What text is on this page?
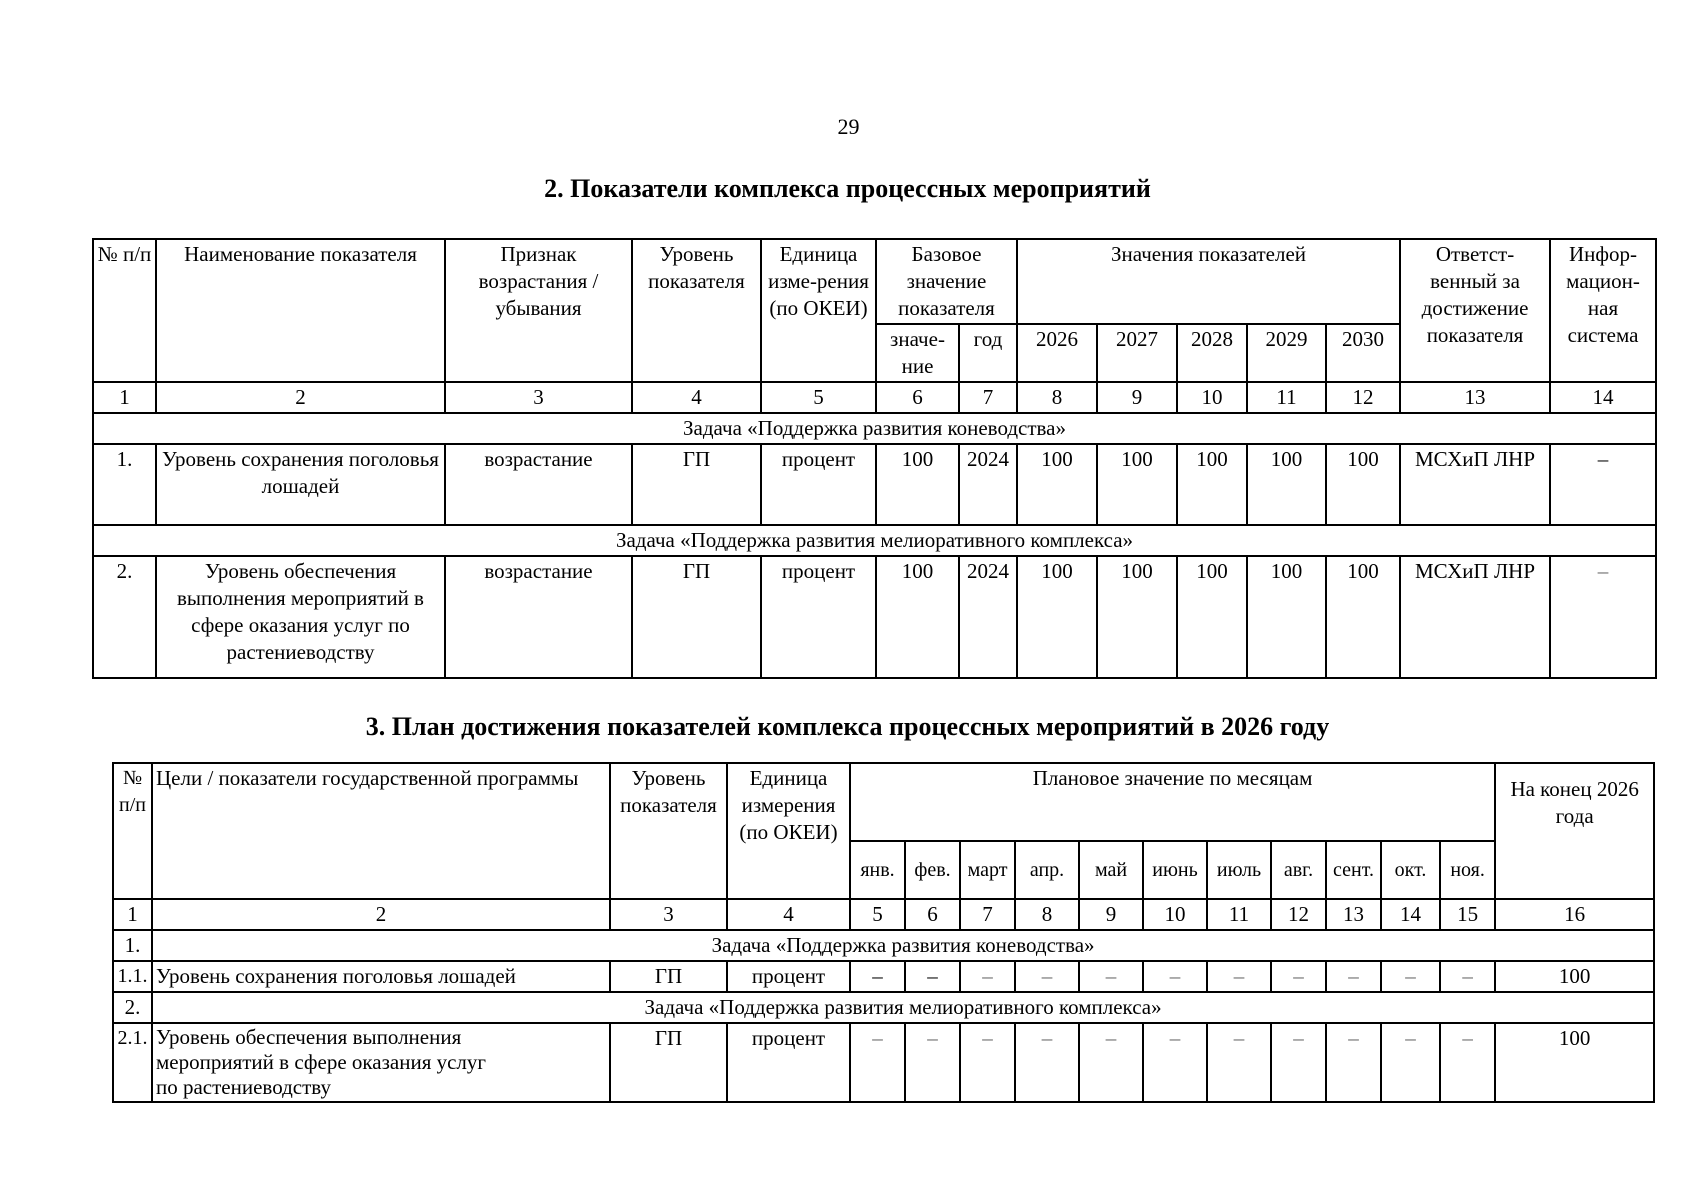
29
2. Показатели комплекса процессных мероприятий
№ п/п	Наименование показателя	Признак возрастания / убывания	Уровень показателя	Единица изме-рения (по ОКЕИ)	Базовое значение показателя		Значения показателей					Ответст-венный за достижение показателя	Инфор-мацион-ная система
					значе-ние	год	2026	2027	2028	2029	2030		
1	2	3	4	5	6	7	8	9	10	11	12	13	14
Задача «Поддержка развития коневодства»													
1.	Уровень сохранения поголовья лошадей	возрастание	ГП	процент	100	2024	100	100	100	100	100	МСХиП ЛНР	–
Задача «Поддержка развития мелиоративного комплекса»													
2.	Уровень обеспечения выполнения мероприятий в сфере оказания услуг по растениеводству	возрастание	ГП	процент	100	2024	100	100	100	100	100	МСХиП ЛНР	–
3. План достижения показателей комплекса процессных мероприятий в 2026 году
№ п/п	Цели / показатели государственной программы	Уровень показателя	Единица измерения (по ОКЕИ)	Плановое значение по месяцам											На конец 2026 года
				янв.	фев.	март	апр.	май	июнь	июль	авг.	сент.	окт.	ноя.	
1	2	3	4	5	6	7	8	9	10	11	12	13	14	15	16
1.	Задача «Поддержка развития коневодства»														
1.1.	Уровень сохранения поголовья лошадей	ГП	процент	–	–	–	–	–	–	–	–	–	–	–	100
2.	Задача «Поддержка развития мелиоративного комплекса»														
2.1.	Уровень обеспечения выполнения
мероприятий в сфере оказания услуг
по растениеводству	ГП	процент	–	–	–	–	–	–	–	–	–	–	–	100
